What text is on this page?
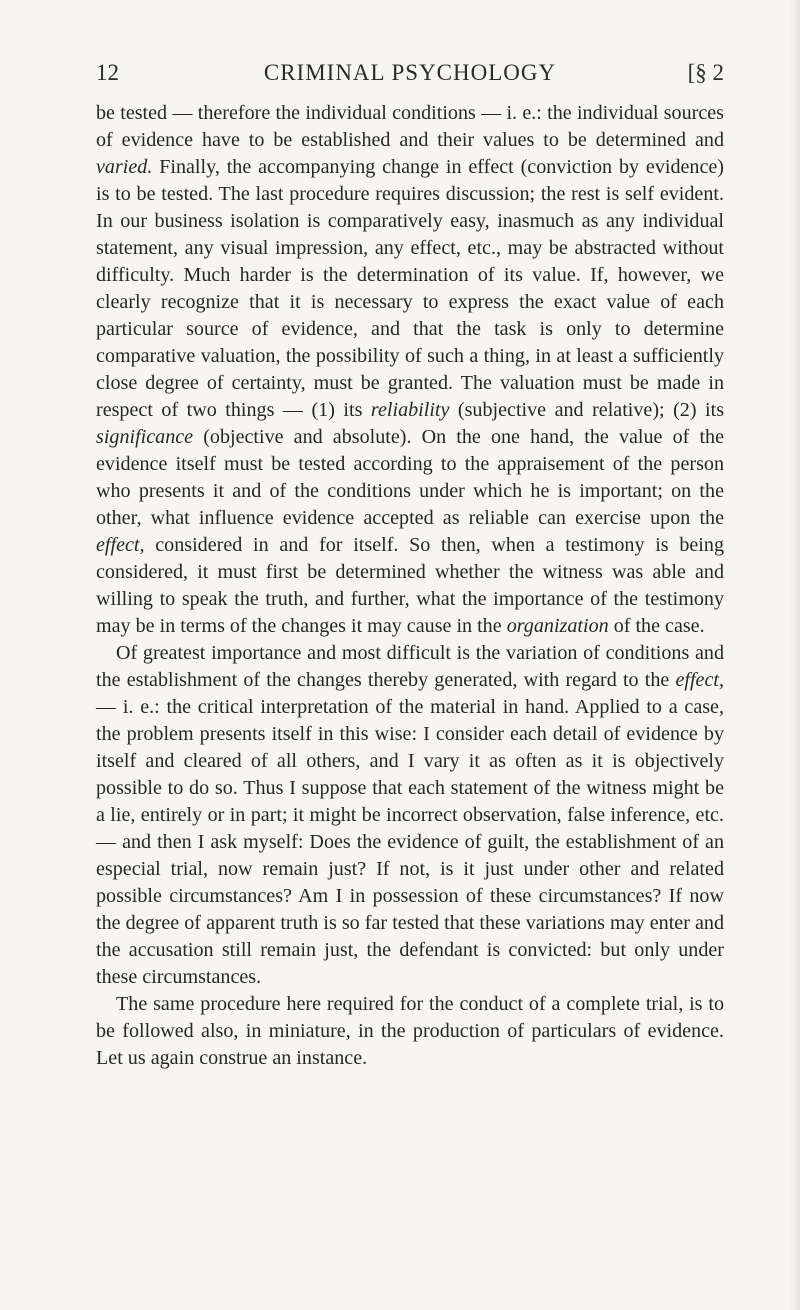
12	CRIMINAL PSYCHOLOGY	[§ 2

be tested — therefore the individual conditions — i. e.: the individual sources of evidence have to be established and their values to be determined and varied. Finally, the accompanying change in effect (conviction by evidence) is to be tested. The last procedure requires discussion; the rest is self evident. In our business isolation is comparatively easy, inasmuch as any individual statement, any visual impression, any effect, etc., may be abstracted without difficulty. Much harder is the determination of its value. If, however, we clearly recognize that it is necessary to express the exact value of each particular source of evidence, and that the task is only to determine comparative valuation, the possibility of such a thing, in at least a sufficiently close degree of certainty, must be granted. The valuation must be made in respect of two things — (1) its reliability (subjective and relative); (2) its significance (objective and absolute). On the one hand, the value of the evidence itself must be tested according to the appraisement of the person who presents it and of the conditions under which he is important; on the other, what influence evidence accepted as reliable can exercise upon the effect, considered in and for itself. So then, when a testimony is being considered, it must first be determined whether the witness was able and willing to speak the truth, and further, what the importance of the testimony may be in terms of the changes it may cause in the organization of the case.

Of greatest importance and most difficult is the variation of conditions and the establishment of the changes thereby generated, with regard to the effect, — i. e.: the critical interpretation of the material in hand. Applied to a case, the problem presents itself in this wise: I consider each detail of evidence by itself and cleared of all others, and I vary it as often as it is objectively possible to do so. Thus I suppose that each statement of the witness might be a lie, entirely or in part; it might be incorrect observation, false inference, etc. — and then I ask myself: Does the evidence of guilt, the establishment of an especial trial, now remain just? If not, is it just under other and related possible circumstances? Am I in possession of these circumstances? If now the degree of apparent truth is so far tested that these variations may enter and the accusation still remain just, the defendant is convicted: but only under these circumstances.

The same procedure here required for the conduct of a complete trial, is to be followed also, in miniature, in the production of particulars of evidence. Let us again construe an instance.
